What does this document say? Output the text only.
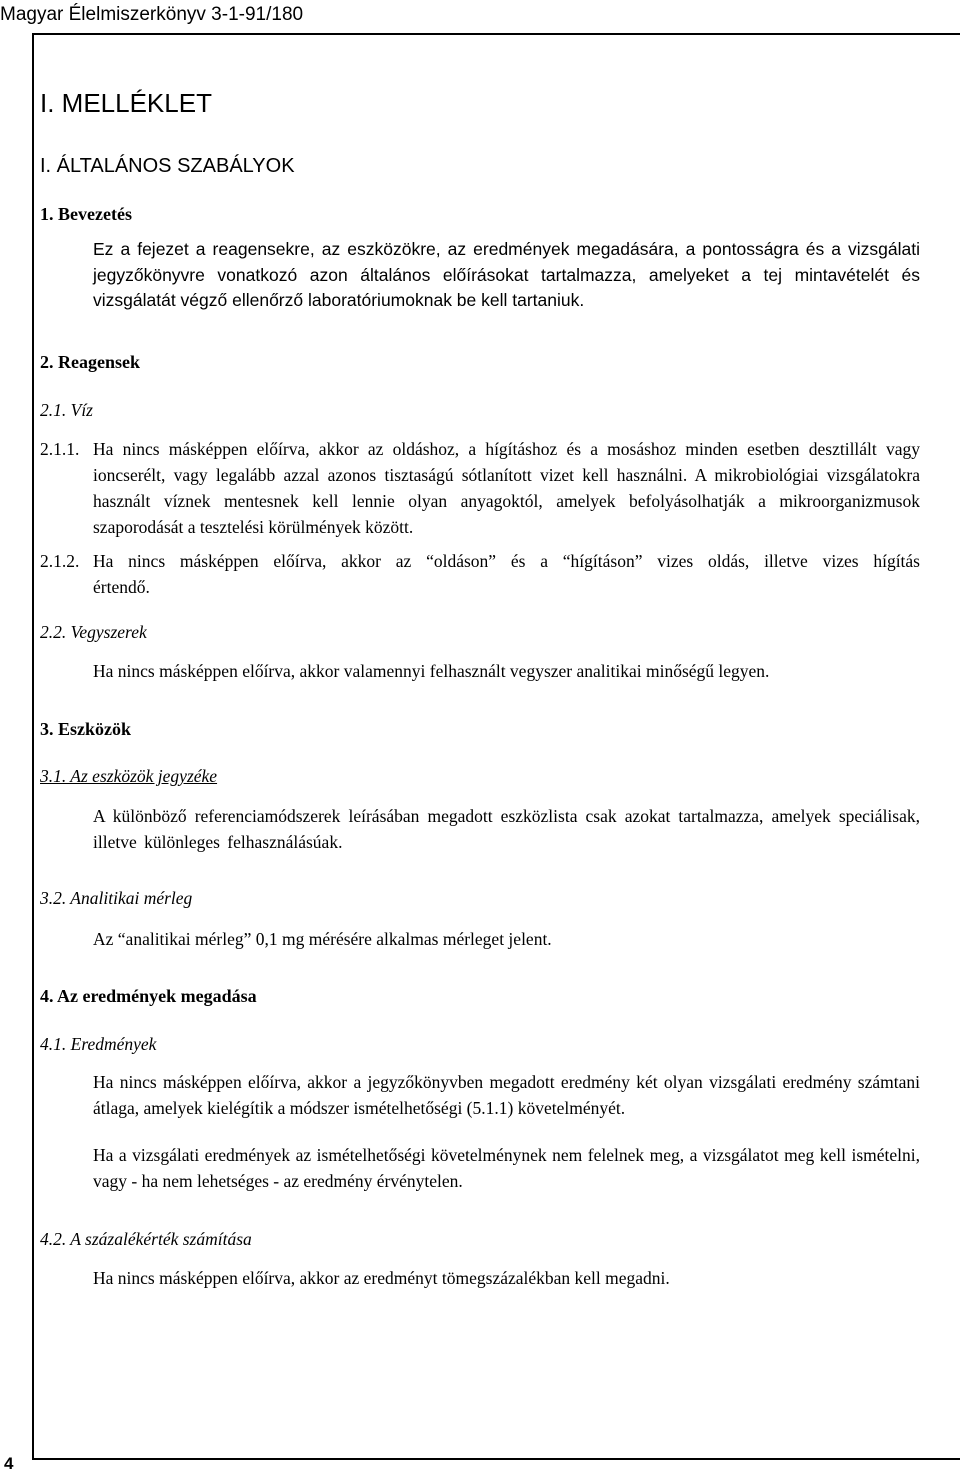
Magyar Élelmiszerkönyv 3-1-91/180
I. MELLÉKLET
I. ÁLTALÁNOS SZABÁLYOK
1. Bevezetés
Ez a fejezet a reagensekre, az eszközökre, az eredmények megadására, a pontosságra és a vizsgálati jegyzőkönyvre vonatkozó azon általános előírásokat tartalmazza, amelyeket a tej mintavételét és vizsgálatát végző ellenőrző laboratóriumoknak be kell tartaniuk.
2. Reagensek
2.1. Víz
2.1.1. Ha nincs másképpen előírva, akkor az oldáshoz, a hígításhoz és a mosáshoz minden esetben desztillált vagy ioncserélt, vagy legalább azzal azonos tisztaságú sótlanított vizet kell használni. A mikrobiológiai vizsgálatokra használt víznek mentesnek kell lennie olyan anyagoktól, amelyek befolyásolhatják a mikroorganizmusok szaporodását a tesztelési körülmények között.
2.1.2. Ha nincs másképpen előírva, akkor az “oldáson” és a “hígításon” vizes oldás, illetve vizes hígítás értendő.
2.2. Vegyszerek
Ha nincs másképpen előírva, akkor valamennyi felhasznált vegyszer analitikai minőségű legyen.
3. Eszközök
3.1. Az eszközök jegyzéke
A különböző referenciamódszerek leírásában megadott eszközlista csak azokat tartalmazza, amelyek speciálisak, illetve különleges felhasználásúak.
3.2. Analitikai mérleg
Az “analitikai mérleg” 0,1 mg mérésére alkalmas mérleget jelent.
4. Az eredmények megadása
4.1. Eredmények
Ha nincs másképpen előírva, akkor a jegyzőkönyvben megadott eredmény két olyan vizsgálati eredmény számtani átlaga, amelyek kielégítik a módszer ismételhetőségi (5.1.1) követelményét.
Ha a vizsgálati eredmények az ismételhetőségi követelménynek nem felelnek meg, a vizsgálatot meg kell ismételni, vagy - ha nem lehetséges - az eredmény érvénytelen.
4.2. A százalékérték számítása
Ha nincs másképpen előírva, akkor az eredményt tömegszázalékban kell megadni.
4
